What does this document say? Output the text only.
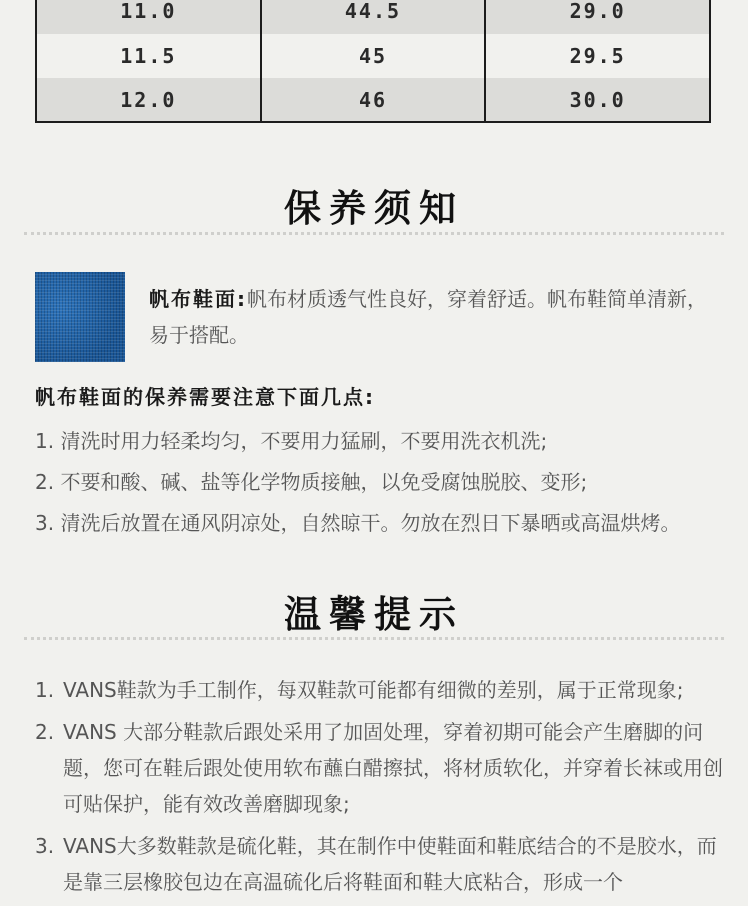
11.0	44.5	29.0
11.5	45	29.5
12.0	46	30.0
保养须知
帆布鞋面:帆布材质透气性良好，穿着舒适。帆布鞋简单清新，易于搭配。
帆布鞋面的保养需要注意下面几点:
1. 清洗时用力轻柔均匀，不要用力猛刷，不要用洗衣机洗;
2. 不要和酸、碱、盐等化学物质接触，以免受腐蚀脱胶、变形;
3. 清洗后放置在通风阴凉处，自然晾干。勿放在烈日下暴晒或高温烘烤。
温馨提示
1. VANS鞋款为手工制作，每双鞋款可能都有细微的差别，属于正常现象;
2. VANS 大部分鞋款后跟处采用了加固处理，穿着初期可能会产生磨脚的问题，您可在鞋后跟处使用软布蘸白醋擦拭，将材质软化，并穿着长袜或用创可贴保护，能有效改善磨脚现象;
3. VANS大多数鞋款是硫化鞋，其在制作中使鞋面和鞋底结合的不是胶水，而是靠三层橡胶包边在高温硫化后将鞋面和鞋大底粘合，形成一个
